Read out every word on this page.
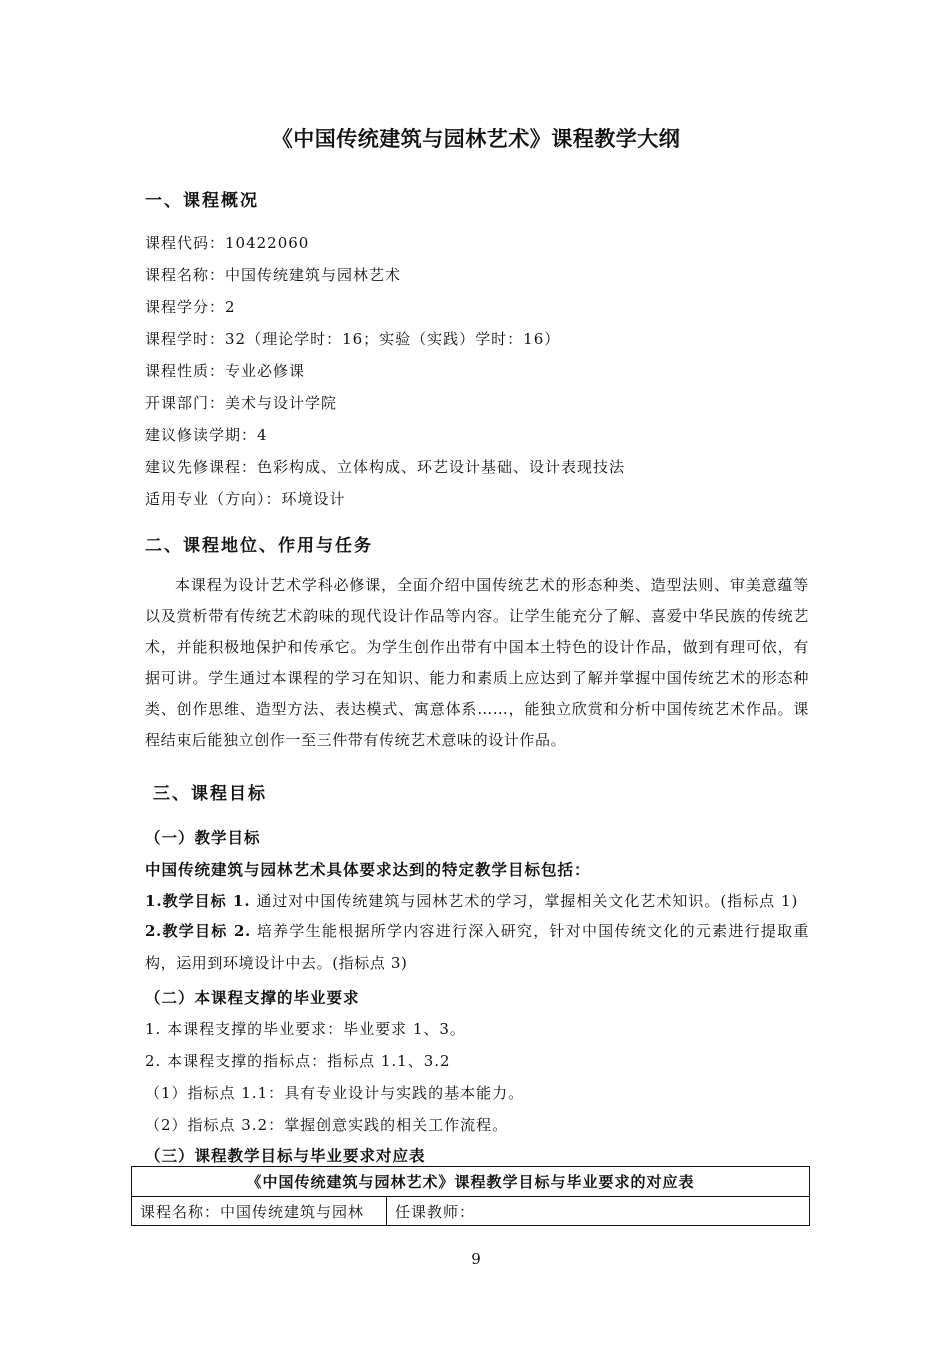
《中国传统建筑与园林艺术》课程教学大纲
一、课程概况
课程代码：10422060
课程名称：中国传统建筑与园林艺术
课程学分：2
课程学时：32（理论学时：16；实验（实践）学时：16）
课程性质：专业必修课
开课部门：美术与设计学院
建议修读学期：4
建议先修课程：色彩构成、立体构成、环艺设计基础、设计表现技法
适用专业（方向）：环境设计
二、课程地位、作用与任务

本课程为设计艺术学科必修课，全面介绍中国传统艺术的形态种类、造型法则、审美意蕴等以及赏析带有传统艺术韵味的现代设计作品等内容。让学生能充分了解、喜爱中华民族的传统艺术，并能积极地保护和传承它。为学生创作出带有中国本土特色的设计作品，做到有理可依，有据可讲。学生通过本课程的学习在知识、能力和素质上应达到了解并掌握中国传统艺术的形态种类、创作思维、造型方法、表达模式、寓意体系……，能独立欣赏和分析中国传统艺术作品。课程结束后能独立创作一至三件带有传统艺术意味的设计作品。

三、课程目标
（一）教学目标
中国传统建筑与园林艺术具体要求达到的特定教学目标包括：
1.教学目标 1. 通过对中国传统建筑与园林艺术的学习，掌握相关文化艺术知识。(指标点 1)
2.教学目标 2. 培养学生能根据所学内容进行深入研究，针对中国传统文化的元素进行提取重构，运用到环境设计中去。(指标点 3)
（二）本课程支撑的毕业要求
1. 本课程支撑的毕业要求：毕业要求 1、3。
2. 本课程支撑的指标点：指标点 1.1、3.2
（1）指标点 1.1：具有专业设计与实践的基本能力。
（2）指标点 3.2：掌握创意实践的相关工作流程。
（三）课程教学目标与毕业要求对应表
《中国传统建筑与园林艺术》课程教学目标与毕业要求的对应表
课程名称：中国传统建筑与园林	任课教师：
9
